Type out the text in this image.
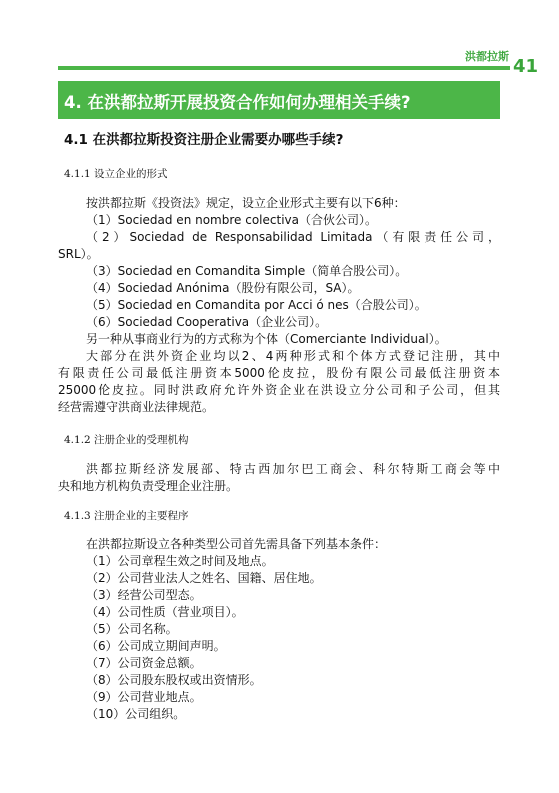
洪都拉斯 41
4. 在洪都拉斯开展投资合作如何办理相关手续?
4.1 在洪都拉斯投资注册企业需要办哪些手续?
4.1.1 设立企业的形式
按洪都拉斯《投资法》规定，设立企业形式主要有以下6种：
（1）Sociedad en nombre colectiva（合伙公司）。
（2）Sociedad de Responsabilidad Limitada（有限责任公司，
SRL）。
（3）Sociedad en Comandita Simple（简单合股公司）。
（4）Sociedad Anónima（股份有限公司，SA）。
（5）Sociedad en Comandita por Acci ó nes（合股公司）。
（6）Sociedad Cooperativa（企业公司）。
另一种从事商业行为的方式称为个体（Comerciante Individual）。
大部分在洪外资企业均以2、4两种形式和个体方式登记注册，其中
有限责任公司最低注册资本5000伦皮拉，股份有限公司最低注册资本
25000伦皮拉。同时洪政府允许外资企业在洪设立分公司和子公司，但其
经营需遵守洪商业法律规范。
4.1.2 注册企业的受理机构
洪都拉斯经济发展部、特古西加尔巴工商会、科尔特斯工商会等中
央和地方机构负责受理企业注册。
4.1.3 注册企业的主要程序
在洪都拉斯设立各种类型公司首先需具备下列基本条件：
（1）公司章程生效之时间及地点。
（2）公司营业法人之姓名、国籍、居住地。
（3）经营公司型态。
（4）公司性质（营业项目）。
（5）公司名称。
（6）公司成立期间声明。
（7）公司资金总额。
（8）公司股东股权或出资情形。
（9）公司营业地点。
（10）公司组织。
